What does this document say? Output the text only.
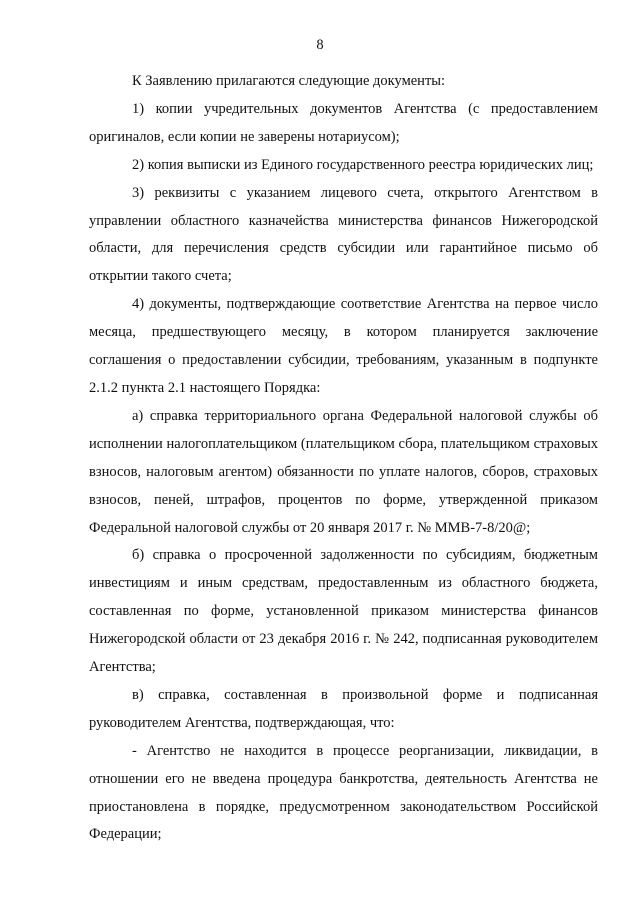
8

К Заявлению прилагаются следующие документы:

1) копии учредительных документов Агентства (с предоставлением оригиналов, если копии не заверены нотариусом);

2) копия выписки из Единого государственного реестра юридических лиц;

3) реквизиты с указанием лицевого счета, открытого Агентством в управлении областного казначейства министерства финансов Нижегородской области, для перечисления средств субсидии или гарантийное письмо об открытии такого счета;

4) документы, подтверждающие соответствие Агентства на первое число месяца, предшествующего месяцу, в котором планируется заключение соглашения о предоставлении субсидии, требованиям, указанным в подпункте 2.1.2 пункта 2.1 настоящего Порядка:

а) справка территориального органа Федеральной налоговой службы об исполнении налогоплательщиком (плательщиком сбора, плательщиком страховых взносов, налоговым агентом) обязанности по уплате налогов, сборов, страховых взносов, пеней, штрафов, процентов по форме, утвержденной приказом Федеральной налоговой службы от 20 января 2017 г. № ММВ-7-8/20@;

б) справка о просроченной задолженности по субсидиям, бюджетным инвестициям и иным средствам, предоставленным из областного бюджета, составленная по форме, установленной приказом министерства финансов Нижегородской области от 23 декабря 2016 г. № 242, подписанная руководителем Агентства;

в) справка, составленная в произвольной форме и подписанная руководителем Агентства, подтверждающая, что:

- Агентство не находится в процессе реорганизации, ликвидации, в отношении его не введена процедура банкротства, деятельность Агентства не приостановлена в порядке, предусмотренном законодательством Российской Федерации;
